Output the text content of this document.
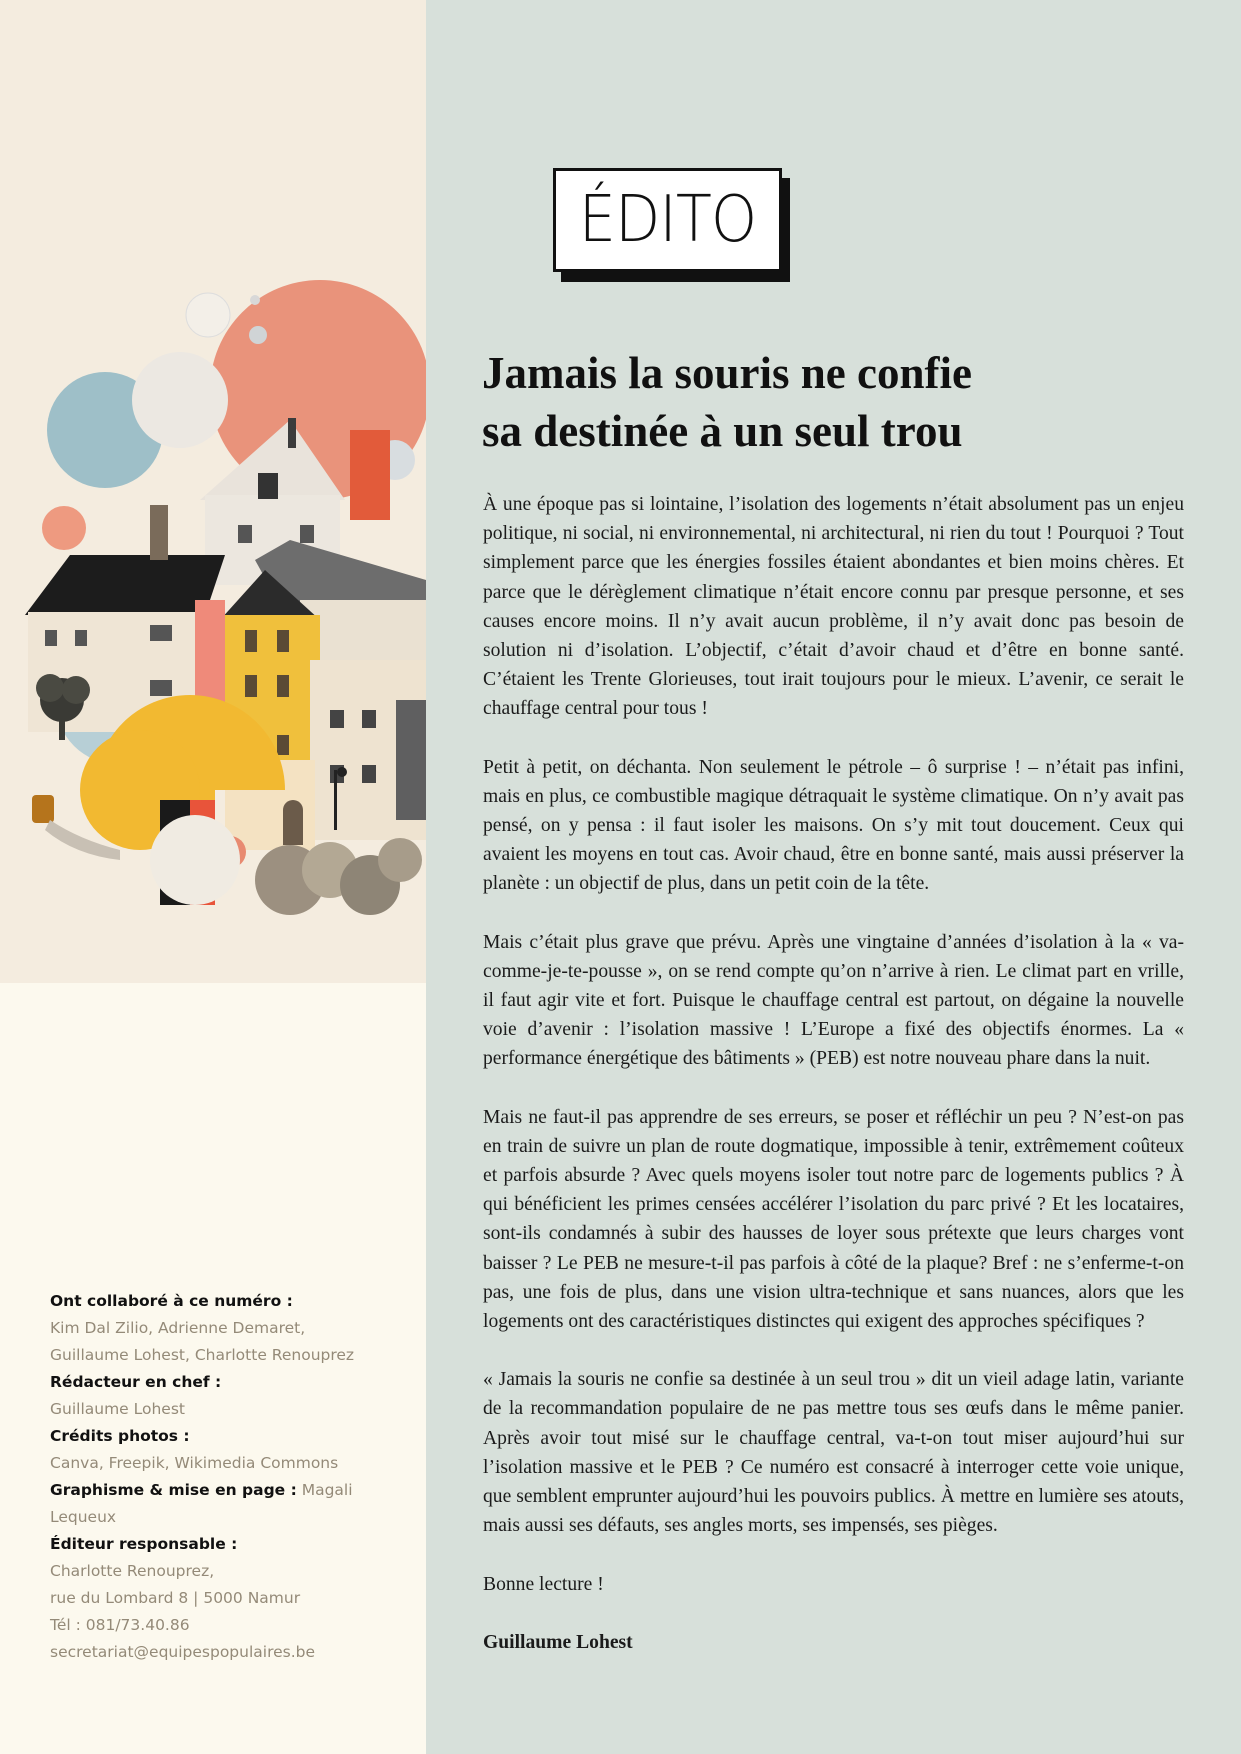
Ont collaboré à ce numéro :
Kim Dal Zilio, Adrienne Demaret,
Guillaume Lohest, Charlotte Renouprez
Rédacteur en chef :
Guillaume Lohest
Crédits photos :
Canva, Freepik, Wikimedia Commons
Graphisme & mise en page : Magali Lequeux
Éditeur responsable :
Charlotte Renouprez,
rue du Lombard 8 | 5000 Namur
Tél : 081/73.40.86
secretariat@equipespopulaires.be
ÉDITO
Jamais la souris ne confie
sa destinée à un seul trou

À une époque pas si lointaine, l’isolation des logements n’était absolument pas un enjeu politique, ni social, ni environnemental, ni architectural, ni rien du tout ! Pourquoi ? Tout simplement parce que les énergies fossiles étaient abondantes et bien moins chères. Et parce que le dérèglement climatique n’était encore connu par presque personne, et ses causes encore moins. Il n’y avait aucun problème, il n’y avait donc pas besoin de solution ni d’isolation. L’objectif, c’était d’avoir chaud et d’être en bonne santé. C’étaient les Trente Glorieuses, tout irait toujours pour le mieux. L’avenir, ce serait le chauffage central pour tous !

Petit à petit, on déchanta. Non seulement le pétrole – ô surprise ! – n’était pas infini, mais en plus, ce combustible magique détraquait le système climatique. On n’y avait pas pensé, on y pensa : il faut isoler les maisons. On s’y mit tout doucement. Ceux qui avaient les moyens en tout cas. Avoir chaud, être en bonne santé, mais aussi préserver la planète : un objectif de plus, dans un petit coin de la tête.

Mais c’était plus grave que prévu. Après une vingtaine d’années d’isolation à la « va-comme-je-te-pousse », on se rend compte qu’on n’arrive à rien. Le climat part en vrille, il faut agir vite et fort. Puisque le chauffage central est partout, on dégaine la nouvelle voie d’avenir : l’isolation massive ! L’Europe a fixé des objectifs énormes. La « performance énergétique des bâtiments » (PEB) est notre nouveau phare dans la nuit.

Mais ne faut-il pas apprendre de ses erreurs, se poser et réfléchir un peu ? N’est-on pas en train de suivre un plan de route dogmatique, impossible à tenir, extrêmement coûteux et parfois absurde ? Avec quels moyens isoler tout notre parc de logements publics ? À qui bénéficient les primes censées accélérer l’isolation du parc privé ? Et les locataires, sont-ils condamnés à subir des hausses de loyer sous prétexte que leurs charges vont baisser ? Le PEB ne mesure-t-il pas parfois à côté de la plaque? Bref : ne s’enferme-t-on pas, une fois de plus, dans une vision ultra-technique et sans nuances, alors que les logements ont des caractéristiques distinctes qui exigent des approches spécifiques ?

« Jamais la souris ne confie sa destinée à un seul trou » dit un vieil adage latin, variante de la recommandation populaire de ne pas mettre tous ses œufs dans le même panier. Après avoir tout misé sur le chauffage central, va-t-on tout miser aujourd’hui sur l’isolation massive et le PEB ? Ce numéro est consacré à interroger cette voie unique, que semblent emprunter aujourd’hui les pouvoirs publics. À mettre en lumière ses atouts, mais aussi ses défauts, ses angles morts, ses impensés, ses pièges.

Bonne lecture !

Guillaume Lohest
